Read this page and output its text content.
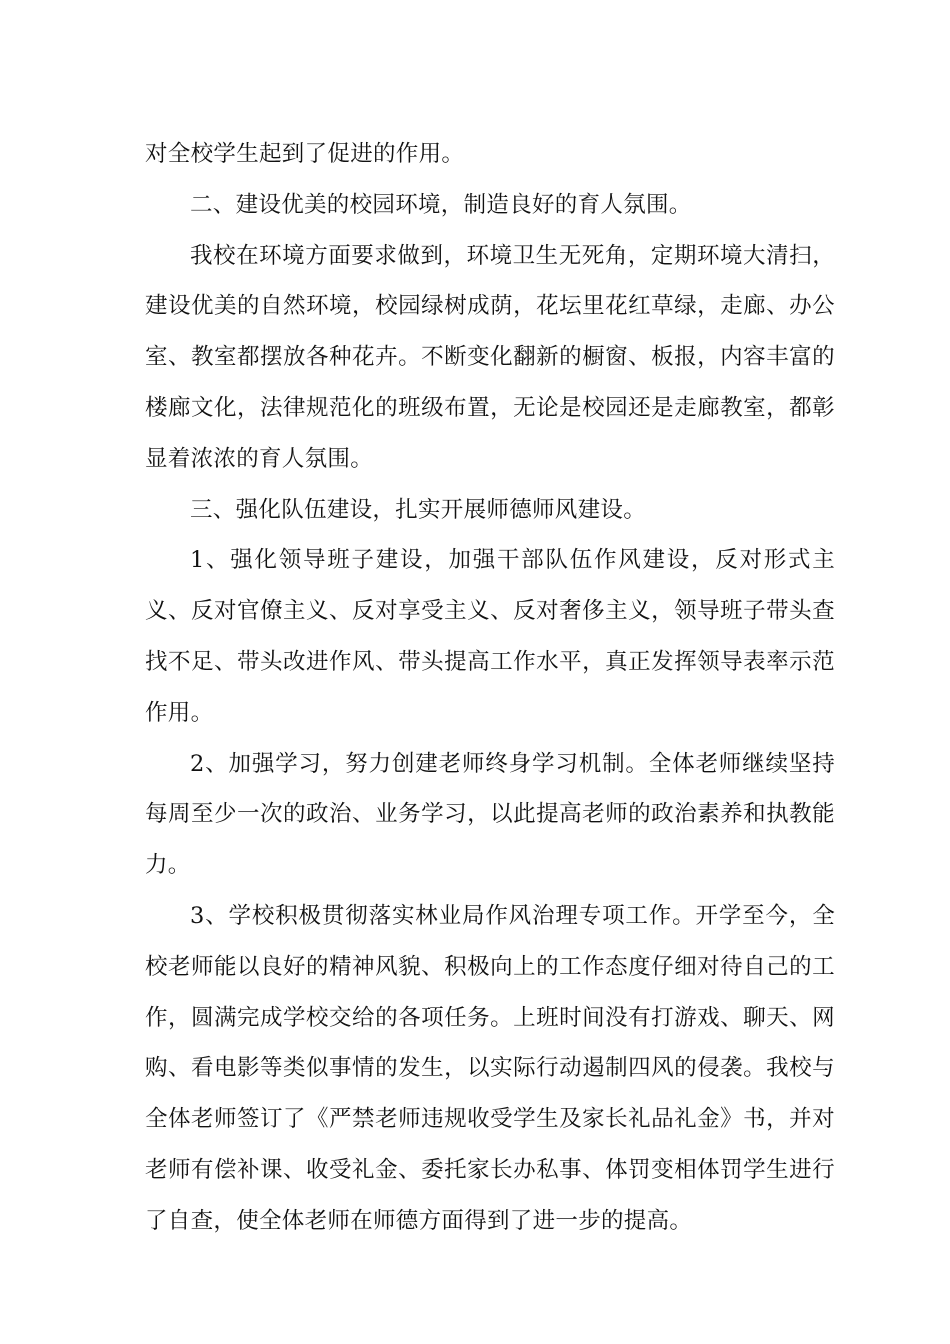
对全校学生起到了促进的作用。

二、建设优美的校园环境，制造良好的育人氛围。

我校在环境方面要求做到，环境卫生无死角，定期环境大清扫，建设优美的自然环境，校园绿树成荫，花坛里花红草绿，走廊、办公室、教室都摆放各种花卉。不断变化翻新的橱窗、板报，内容丰富的楼廊文化，法律规范化的班级布置，无论是校园还是走廊教室，都彰显着浓浓的育人氛围。

三、强化队伍建设，扎实开展师德师风建设。

1、强化领导班子建设，加强干部队伍作风建设，反对形式主义、反对官僚主义、反对享受主义、反对奢侈主义，领导班子带头查找不足、带头改进作风、带头提高工作水平，真正发挥领导表率示范作用。

2、加强学习，努力创建老师终身学习机制。全体老师继续坚持每周至少一次的政治、业务学习，以此提高老师的政治素养和执教能力。

3、学校积极贯彻落实林业局作风治理专项工作。开学至今，全校老师能以良好的精神风貌、积极向上的工作态度仔细对待自己的工作，圆满完成学校交给的各项任务。上班时间没有打游戏、聊天、网购、看电影等类似事情的发生，以实际行动遏制四风的侵袭。我校与全体老师签订了《严禁老师违规收受学生及家长礼品礼金》书，并对老师有偿补课、收受礼金、委托家长办私事、体罚变相体罚学生进行了自查，使全体老师在师德方面得到了进一步的提高。
